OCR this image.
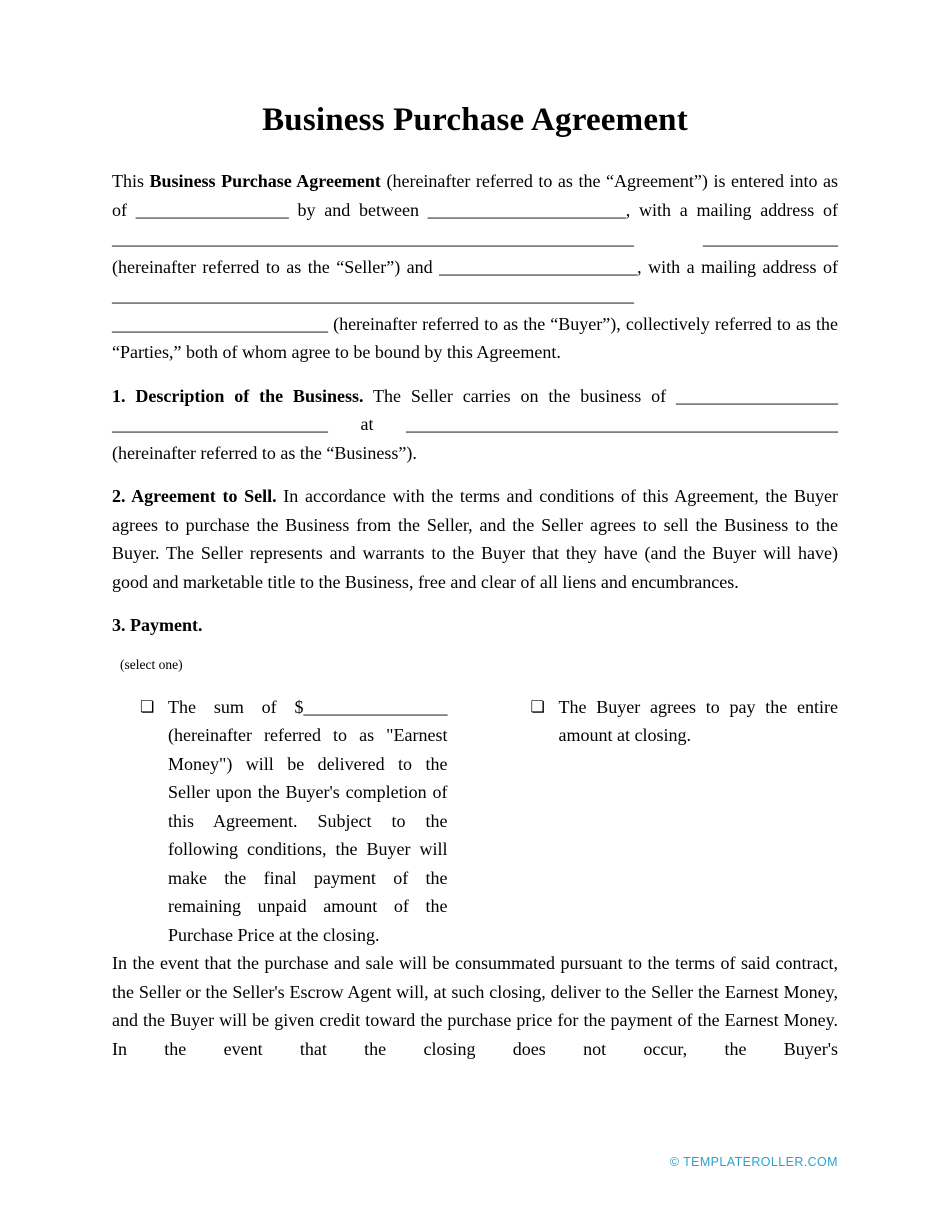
Business Purchase Agreement

This Business Purchase Agreement (hereinafter referred to as the “Agreement”) is entered into as of _________________ by and between ______________________, with a mailing address of __________________________________________________________ _______________ (hereinafter referred to as the “Seller”) and ______________________, with a mailing address of __________________________________________________________ ________________________ (hereinafter referred to as the “Buyer”), collectively referred to as the “Parties,” both of whom agree to be bound by this Agreement.

1. Description of the Business. The Seller carries on the business of __________________ ________________________ at ________________________________________________ (hereinafter referred to as the “Business”).

2. Agreement to Sell. In accordance with the terms and conditions of this Agreement, the Buyer agrees to purchase the Business from the Seller, and the Seller agrees to sell the Business to the Buyer. The Seller represents and warrants to the Buyer that they have (and the Buyer will have) good and marketable title to the Business, free and clear of all liens and encumbrances.

3. Payment.

(select one)
❏ The sum of $________________ (hereinafter referred to as "Earnest Money") will be delivered to the Seller upon the Buyer's completion of this Agreement. Subject to the following conditions, the Buyer will make the final payment of the remaining unpaid amount of the Purchase Price at the closing.

❏ The Buyer agrees to pay the entire amount at closing.

In the event that the purchase and sale will be consummated pursuant to the terms of said contract, the Seller or the Seller's Escrow Agent will, at such closing, deliver to the Seller the Earnest Money, and the Buyer will be given credit toward the purchase price for the payment of the Earnest Money. In the event that the closing does not occur, the Buyer's

© TEMPLATEROLLER.COM
